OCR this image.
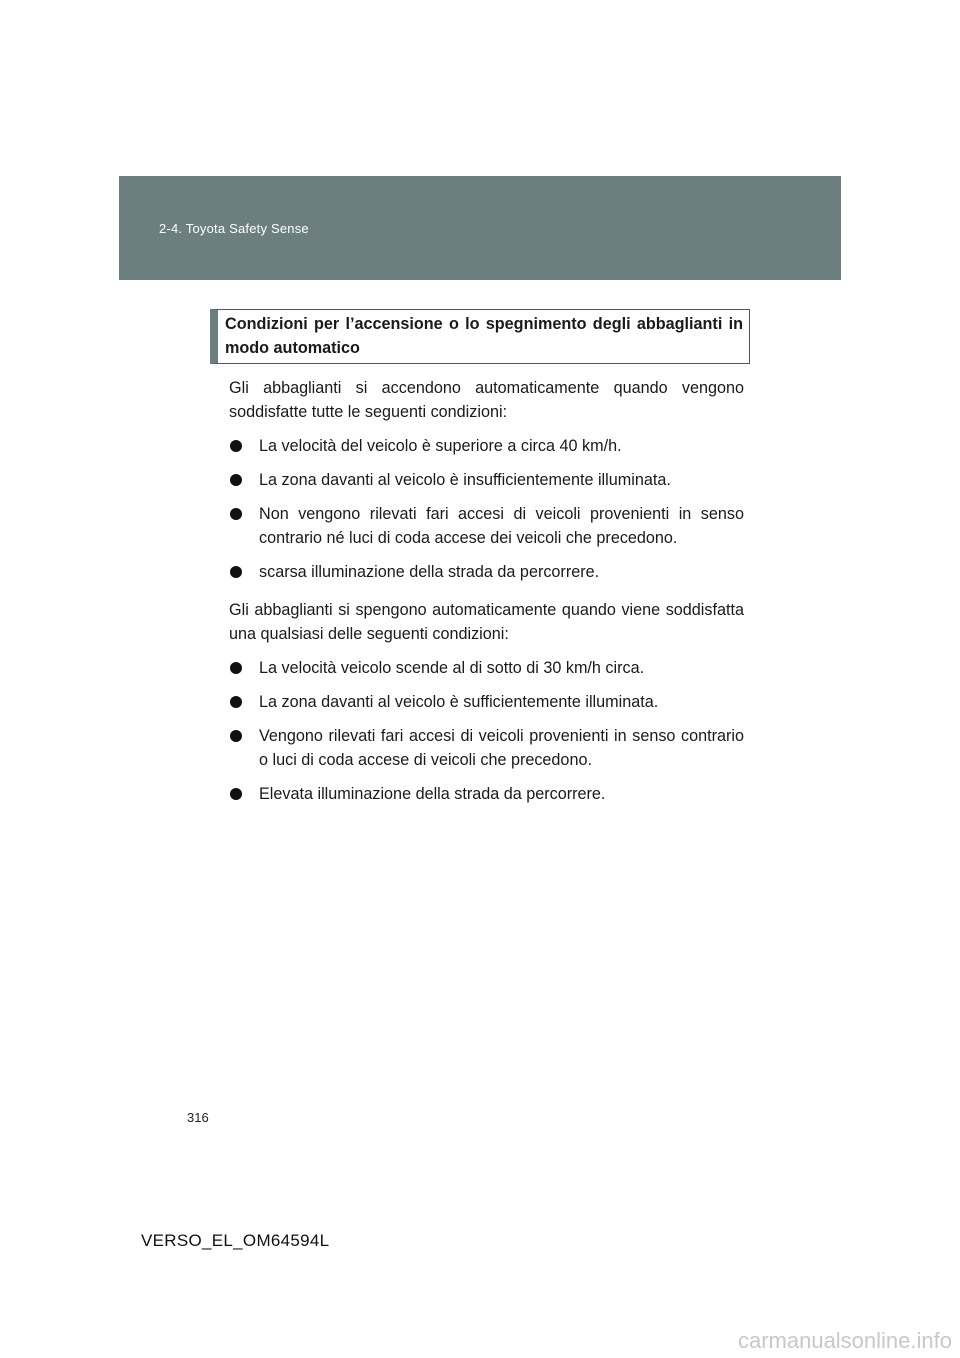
2-4. Toyota Safety Sense
Condizioni per l’accensione o lo spegnimento degli abbaglianti in modo automatico
Gli abbaglianti si accendono automaticamente quando vengono soddisfatte tutte le seguenti condizioni:
La velocità del veicolo è superiore a circa 40 km/h.
La zona davanti al veicolo è insufficientemente illuminata.
Non vengono rilevati fari accesi di veicoli provenienti in senso contrario né luci di coda accese dei veicoli che precedono.
scarsa illuminazione della strada da percorrere.
Gli abbaglianti si spengono automaticamente quando viene soddisfatta una qualsiasi delle seguenti condizioni:
La velocità veicolo scende al di sotto di 30 km/h circa.
La zona davanti al veicolo è sufficientemente illuminata.
Vengono rilevati fari accesi di veicoli provenienti in senso contrario o luci di coda accese di veicoli che precedono.
Elevata illuminazione della strada da percorrere.
316
VERSO_EL_OM64594L
carmanualsonline.info
